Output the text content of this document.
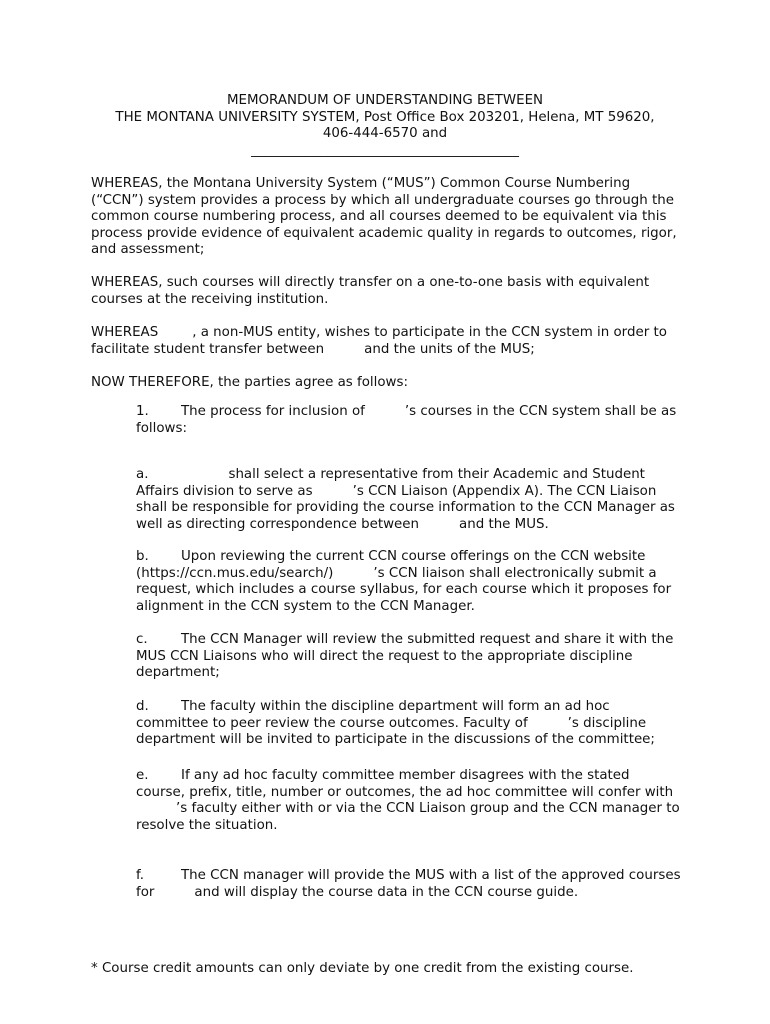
MEMORANDUM OF UNDERSTANDING BETWEEN
THE MONTANA UNIVERSITY SYSTEM, Post Office Box 203201, Helena, MT 59620,
406-444-6570 and
________________________________________
WHEREAS, the Montana University System (“MUS”) Common Course Numbering (“CCN”) system provides a process by which all undergraduate courses go through the common course numbering process, and all courses deemed to be equivalent via this process provide evidence of equivalent academic quality in regards to outcomes, rigor, and assessment;
WHEREAS, such courses will directly transfer on a one-to-one basis with equivalent courses at the receiving institution.
WHEREAS	, a non-MUS entity, wishes to participate in the CCN system in order to facilitate student transfer between	and the units of the MUS;
NOW THEREFORE, the parties agree as follows:
1. The process for inclusion of	’s courses in the CCN system shall be as follows:
a.	shall select a representative from their Academic and Student Affairs division to serve as	’s CCN Liaison (Appendix A). The CCN Liaison shall be responsible for providing the course information to the CCN Manager as well as directing correspondence between	and the MUS.
b. Upon reviewing the current CCN course offerings on the CCN website (https://ccn.mus.edu/search/)	’s CCN liaison shall electronically submit a request, which includes a course syllabus, for each course which it proposes for alignment in the CCN system to the CCN Manager.
c. The CCN Manager will review the submitted request and share it with the MUS CCN Liaisons who will direct the request to the appropriate discipline department;
d. The faculty within the discipline department will form an ad hoc committee to peer review the course outcomes. Faculty of	’s discipline department will be invited to participate in the discussions of the committee;
e. If any ad hoc faculty committee member disagrees with the stated course, prefix, title, number or outcomes, the ad hoc committee will confer with’s faculty either with or via the CCN Liaison group and the CCN manager to resolve the situation.
f.	The CCN manager will provide the MUS with a list of the approved courses for	and will display the course data in the CCN course guide.
* Course credit amounts can only deviate by one credit from the existing course.
